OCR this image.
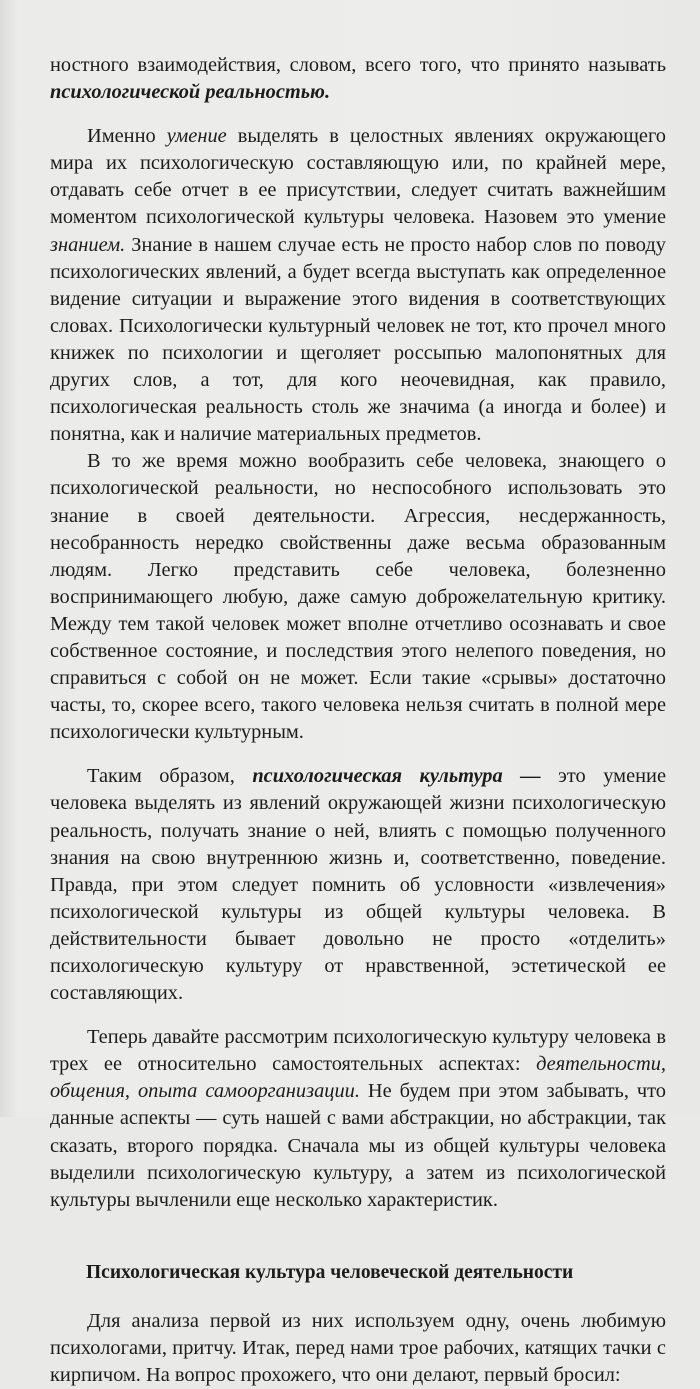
ностного взаимодействия, словом, всего того, что принято называть психологической реальностью.

Именно умение выделять в целостных явлениях окружающего мира их психологическую составляющую или, по крайней мере, отдавать себе отчет в ее присутствии, следует считать важнейшим моментом психологической культуры человека. Назовем это умение знанием. Знание в нашем случае есть не просто набор слов по поводу психологических явлений, а будет всегда выступать как определенное видение ситуации и выражение этого видения в соответствующих словах. Психологически культурный человек не тот, кто прочел много книжек по психологии и щеголяет россыпью малопонятных для других слов, а тот, для кого неочевидная, как правило, психологическая реальность столь же значима (а иногда и более) и понятна, как и наличие материальных предметов.

В то же время можно вообразить себе человека, знающего о психологической реальности, но неспособного использовать это знание в своей деятельности. Агрессия, несдержанность, несобранность нередко свойственны даже весьма образованным людям. Легко представить себе человека, болезненно воспринимающего любую, даже самую доброжелательную критику. Между тем такой человек может вполне отчетливо осознавать и свое собственное состояние, и последствия этого нелепого поведения, но справиться с собой он не может. Если такие «срывы» достаточно часты, то, скорее всего, такого человека нельзя считать в полной мере психологически культурным.

Таким образом, психологическая культура — это умение человека выделять из явлений окружающей жизни психологическую реальность, получать знание о ней, влиять с помощью полученного знания на свою внутреннюю жизнь и, соответственно, поведение. Правда, при этом следует помнить об условности «извлечения» психологической культуры из общей культуры человека. В действительности бывает довольно не просто «отделить» психологическую культуру от нравственной, эстетической ее составляющих.

Теперь давайте рассмотрим психологическую культуру человека в трех ее относительно самостоятельных аспектах: деятельности, общения, опыта самоорганизации. Не будем при этом забывать, что данные аспекты — суть нашей с вами абстракции, но абстракции, так сказать, второго порядка. Сначала мы из общей культуры человека выделили психологическую культуру, а затем из психологической культуры вычленили еще несколько характеристик.

Психологическая культура человеческой деятельности

Для анализа первой из них используем одну, очень любимую психологами, притчу. Итак, перед нами трое рабочих, катящих тачки с кирпичом. На вопрос прохожего, что они делают, первый бросил:
